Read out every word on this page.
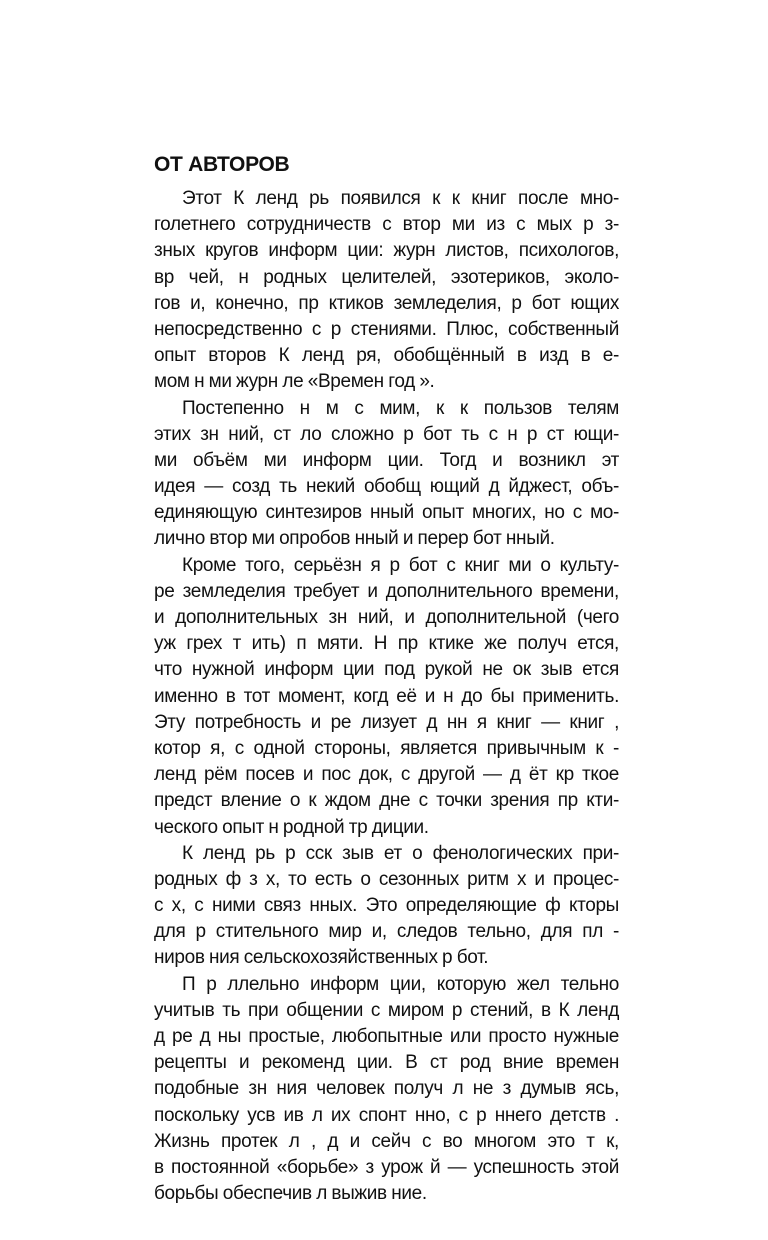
ОТ АВТОРОВ
Этот К ленд рь появился к к книг после мно-
голетнего сотрудничеств с втор ми из с мых р з-
зных кругов информ ции: журн листов, психологов,
вр чей, н родных целителей, эзотериков, эколо-
гов и, конечно, пр ктиков земледелия, р бот ющих
непосредственно с р стениями. Плюс, собственный
опыт второв К ленд ря, обобщённый в изд в е-
мом н ми журн ле «Времен год ».
Постепенно н м с мим, к к пользов телям
этих зн ний, ст ло сложно р бот ть с н р ст ющи-
ми объём ми информ ции. Тогд и возникл эт
идея — созд ть некий обобщ ющий д йджест, объ-
единяющую синтезиров нный опыт многих, но с мо-
лично втор ми опробов нный и перер бот нный.
Кроме того, серьёзн я р бот с книг ми о культу-
ре земледелия требует и дополнительного времени,
и дополнительных зн ний, и дополнительной (чего
уж грех т ить) п мяти. Н пр ктике же получ ется,
что нужной информ ции под рукой не ок зыв ется
именно в тот момент, когд её и н до бы применить.
Эту потребность и ре лизует д нн я книг — книг ,
котор я, с одной стороны, является привычным к -
ленд рём посев и пос док, с другой — д ёт кр ткое
предст вление о к ждом дне с точки зрения пр кти-
ческого опыт н родной тр диции.
К ленд рь р сск зыв ет о фенологических при-
родных ф з х, то есть о сезонных ритм х и процес-
с х, с ними связ нных. Это определяющие ф кторы
для р стительного мир и, следов тельно, для пл -
ниров ния сельскохозяйственных р бот.
П р ллельно информ ции, которую жел тельно
учитыв ть при общении с миром р стений, в К ленд
д ре д ны простые, любопытные или просто нужные
рецепты и рекоменд ции. В ст род вние времен
подобные зн ния человек получ л не з думыв ясь,
поскольку усв ив л их спонт нно, с р ннего детств .
Жизнь протек л , д и сейч с во многом это т к,
в постоянной «борьбе» з урож й — успешность этой
борьбы обеспечив л выжив ние.
